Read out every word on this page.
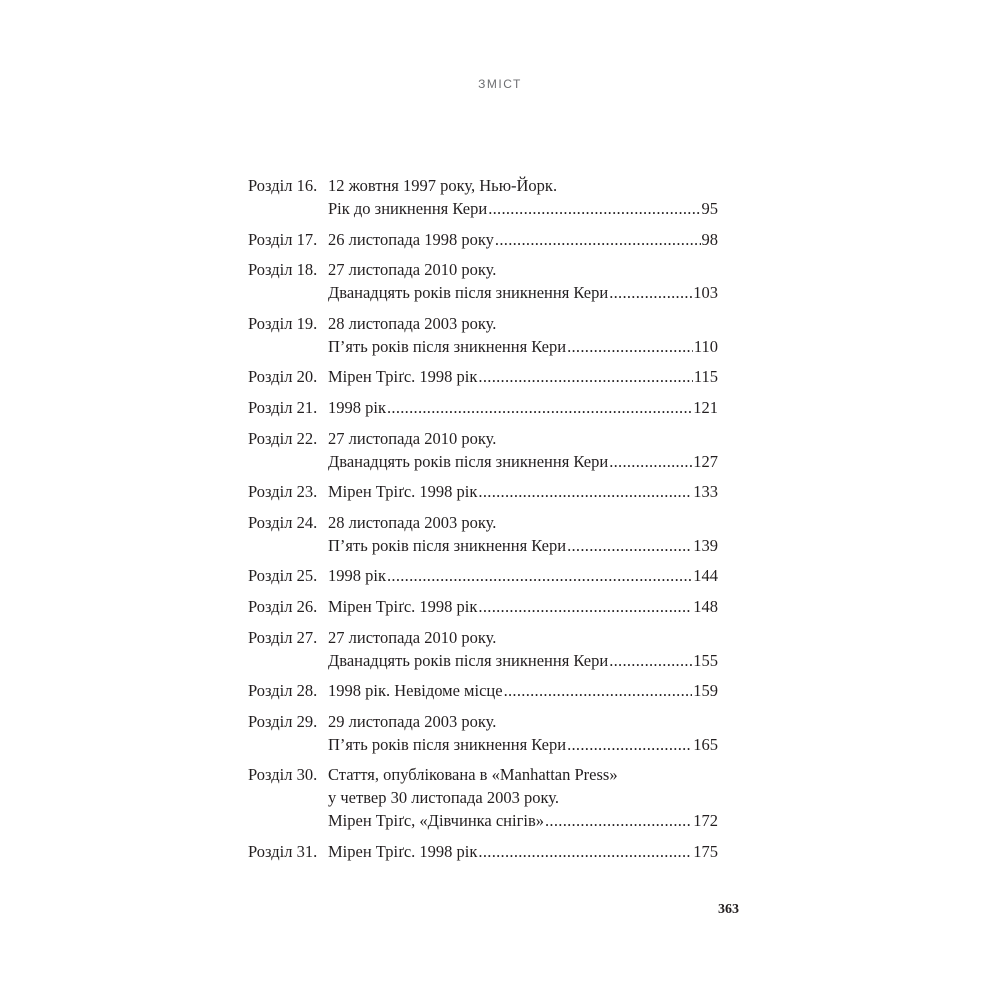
ЗМІСТ
Розділ 16. 12 жовтня 1997 року, Нью-Йорк.
Рік до зникнення Кери .....	95
Розділ 17. 26 листопада 1998 року .....	98
Розділ 18. 27 листопада 2010 року.
Дванадцять років після зникнення Кери .....	103
Розділ 19. 28 листопада 2003 року.
П’ять років після зникнення Кери .....	110
Розділ 20. Мірен Тріґс. 1998 рік .....	115
Розділ 21. 1998 рік .....	121
Розділ 22. 27 листопада 2010 року.
Дванадцять років після зникнення Кери .....	127
Розділ 23. Мірен Тріґс. 1998 рік .....	133
Розділ 24. 28 листопада 2003 року.
П’ять років після зникнення Кери .....	139
Розділ 25. 1998 рік .....	144
Розділ 26. Мірен Тріґс. 1998 рік .....	148
Розділ 27. 27 листопада 2010 року.
Дванадцять років після зникнення Кери .....	155
Розділ 28. 1998 рік. Невідоме місце .....	159
Розділ 29. 29 листопада 2003 року.
П’ять років після зникнення Кери .....	165
Розділ 30. Стаття, опублікована в «Manhattan Press»
у четвер 30 листопада 2003 року.
Мірен Тріґс, «Дівчинка снігів» .....	172
Розділ 31. Мірен Тріґс. 1998 рік .....	175
363
